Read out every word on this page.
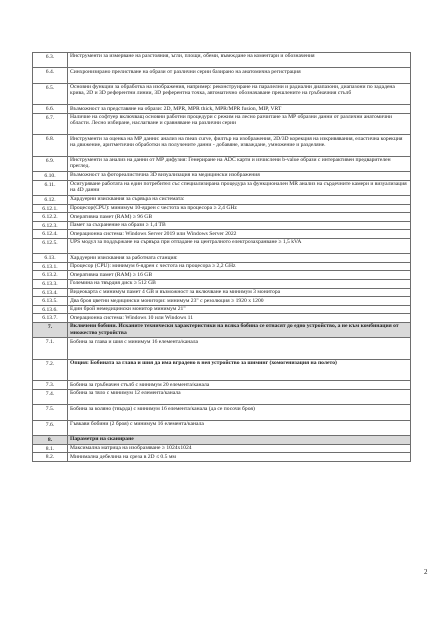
6.3.	Инструменти за измерване на разстояния, ъгли, площи, обеми, въвеждане на коментари и обозначения
6.4.	Синхронизирано прелистване на образи от различни серии базирано на анатомична регистрация
6.5.	Основни функции за обработка на изображения, например: реконструиране на паралелни и радиални диапазони, диапазони по зададена крива, 2D и 3D референтни линии, 3D референтна точка, автоматично обозначаване прешлените на гръбначния стълб
6.6.	Възможност за представяне на образи: 2D, MPR, MPR thick, MPR/MPR fusion, MIP, VRT
6.7.	Наличие на софтуер включващ основни работни процедури с режим на лесно разчитане за МР образни данни от различни анатомични области. Лесно избиране, наслагване и сравняване на различни серии
6.8.	Инструменти за оценка на МР данни: анализ на mean curve, филтър на изображения, 2D/3D корекция на изкривявания, еластична корекция на движение, аритметични обработки на получените данни - добавяне, изваждане, умножение и разделяне.
6.9.	Инструменти за анализ на данни от МР дифузия: Генериране на ADC карти и изчислени b-value образи с интерактивен предварителен преглед.
6.10.	Възможност за фотореалистична 3D визуализация на медицински изображения
6.11.	Осигуряване работата на един потребител със специализирана процедура за функционален MR анализ на сърдечните камери и визуализация на 4D данни
6.12.	Хардуерни изисквания за сървъра на системата:
6.12.1.	Процесор(CPU): минимум 10-ядрен с честота на процесора ≥ 2,4 GHz
6.12.2.	Оперативна памет (RAM) ≥ 96 GB
6.12.3.	Памет за съхранение на образи ≥ 1,4 TB
6.12.4.	Операционна система: Windows Server 2019 или Windows Server 2022
6.12.5.	UPS модул за поддържане на сървъра при отпадане на централното електрозахранване ≥ 1,5 kVA
6.13.	Хардуерни изисквания за работната станция:
6.13.1.	Процесор (CPU): минимум 6-ядрен с честота на процесора ≥ 2,2 GHz
6.13.2.	Оперативна памет (RAM) ≥ 16 GB
6.13.3.	Големина на твърдия диск ≥ 512 GB
6.13.4.	Видеокарта с минимум памет 4 GB и възможност за включване на минимум 3 монитора
6.13.5.	Два броя цветни медицински монитори: минимум 23" с резолюция ≥ 1920 x 1200
6.13.6.	Един брой немедицински монитор минимум 21"
6.13.7.	Операционна система: Windows 10 или Windows 11
7.	Включени бобини. Исканите технически характеристики на всяка бобина се отнасят до едно устройство, а не към комбинация от множество устройства
7.1.	Бобина за глава и шия с минимум 16 елемента/канала
7.2.	Опция: Бобината за глава и шия да има вградено в нея устройство за шиминг (хомогенизация на полето)
7.3.	Бобина за гръбначен стълб с минимум 20 елемента/канала
7.4.	Бобина за тяло с минимум 12 елемента/канала
7.5.	Бобина за коляно (твърда) с минимум 16 елемента/канала (да се посочи броя)
7.6.	Гъвкави бобини (2 броя) с минимум 16 елемента/канала
8.	Параметри на сканиране
8.1.	Максимална матрица на изобразяване ≥ 1024x1024
8.2.	Минимална дебелина на среза в 2D ≤ 0.5 мм
2
